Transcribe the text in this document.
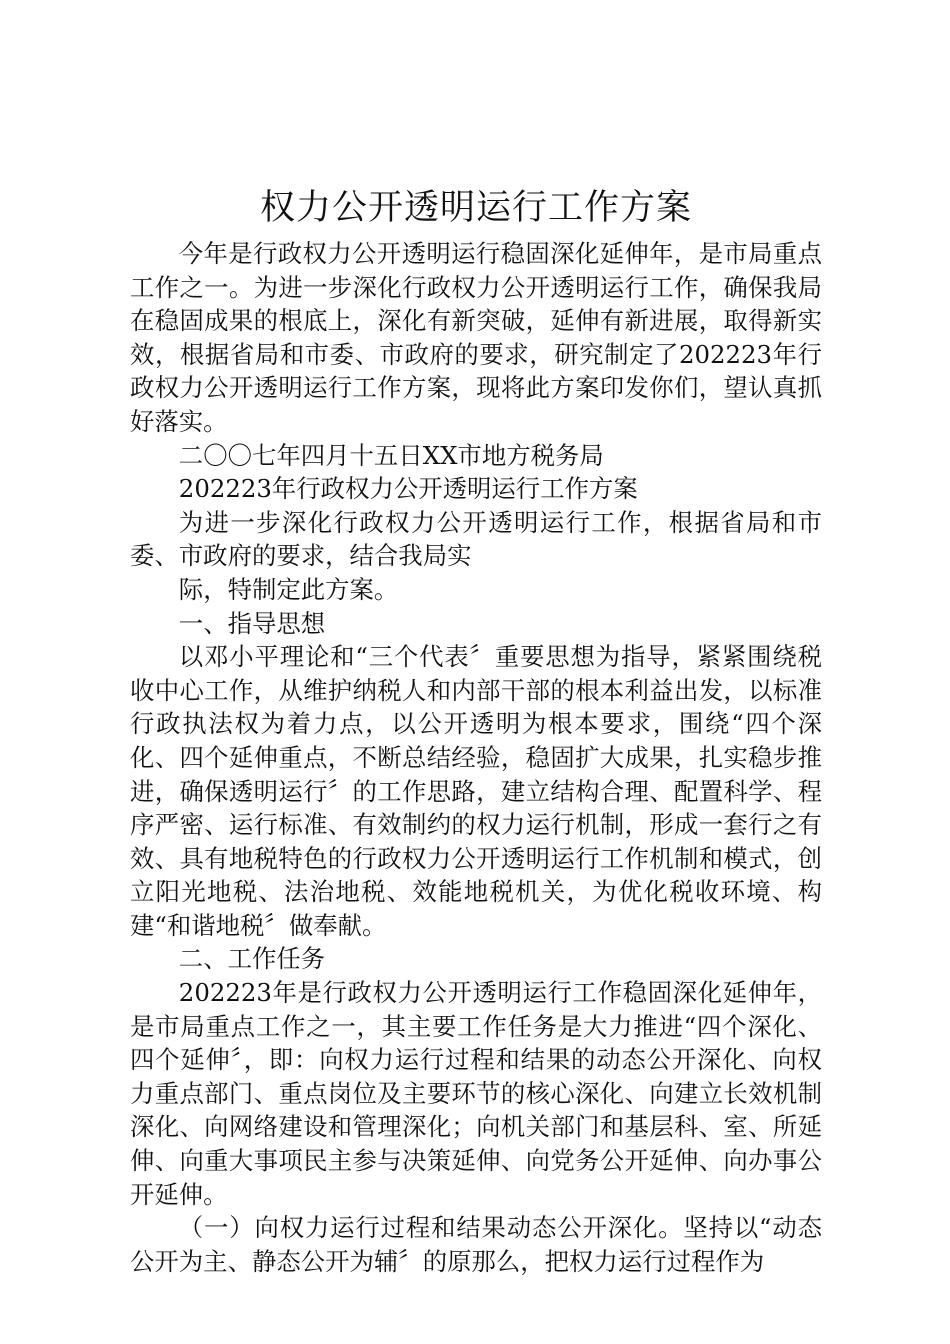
权力公开透明运行工作方案

今年是行政权力公开透明运行稳固深化延伸年，是市局重点工作之一。为进一步深化行政权力公开透明运行工作，确保我局在稳固成果的根底上，深化有新突破，延伸有新进展，取得新实效，根据省局和市委、市政府的要求，研究制定了202223年行政权力公开透明运行工作方案，现将此方案印发你们，望认真抓好落实。

二〇〇七年四月十五日XX市地方税务局

202223年行政权力公开透明运行工作方案

为进一步深化行政权力公开透明运行工作，根据省局和市委、市政府的要求，结合我局实

际，特制定此方案。

一、指导思想

以邓小平理论和“三个代表〞重要思想为指导，紧紧围绕税收中心工作，从维护纳税人和内部干部的根本利益出发，以标准行政执法权为着力点，以公开透明为根本要求，围绕“四个深化、四个延伸重点，不断总结经验，稳固扩大成果，扎实稳步推进，确保透明运行〞的工作思路，建立结构合理、配置科学、程序严密、运行标准、有效制约的权力运行机制，形成一套行之有效、具有地税特色的行政权力公开透明运行工作机制和模式，创立阳光地税、法治地税、效能地税机关，为优化税收环境、构建“和谐地税〞做奉献。

二、工作任务

202223年是行政权力公开透明运行工作稳固深化延伸年，是市局重点工作之一，其主要工作任务是大力推进“四个深化、四个延伸〞，即：向权力运行过程和结果的动态公开深化、向权力重点部门、重点岗位及主要环节的核心深化、向建立长效机制深化、向网络建设和管理深化；向机关部门和基层科、室、所延伸、向重大事项民主参与决策延伸、向党务公开延伸、向办事公开延伸。

（一）向权力运行过程和结果动态公开深化。坚持以“动态公开为主、静态公开为辅〞的原那么，把权力运行过程作为
